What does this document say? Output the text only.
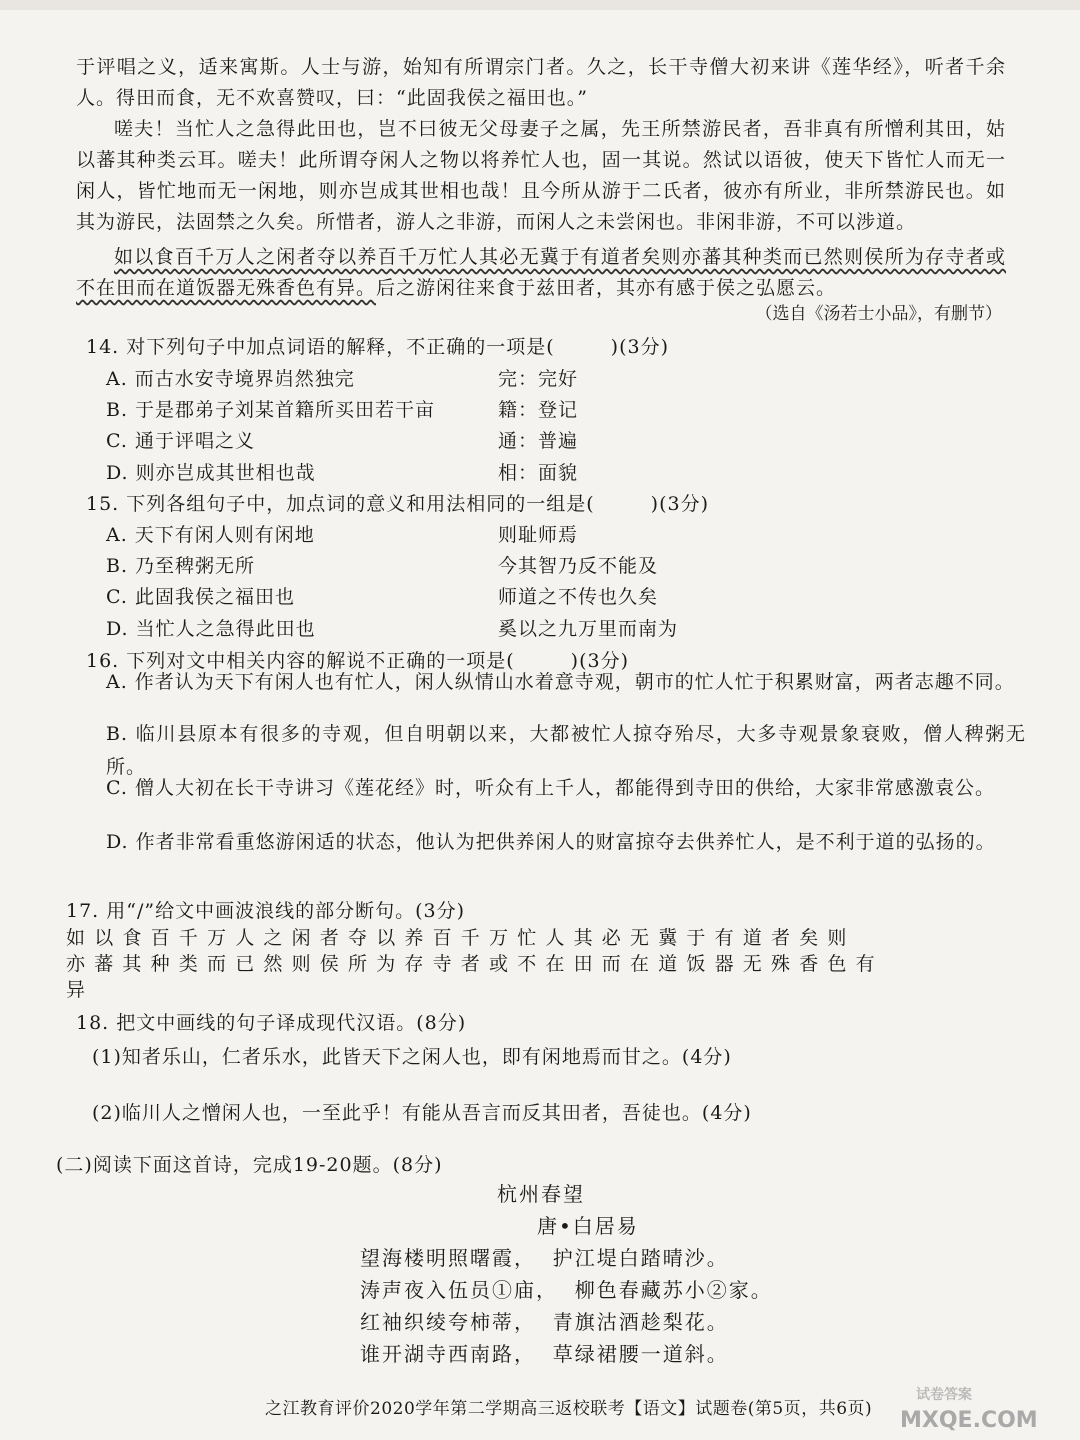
于评唱之义，适来寓斯。人士与游，始知有所谓宗门者。久之，长干寺僧大初来讲《莲华经》，听者千余人。得田而食，无不欢喜赞叹，曰：“此固我侯之福田也。”

嗟夫！当忙人之急得此田也，岂不曰彼无父母妻子之属，先王所禁游民者，吾非真有所憎利其田，姑以蕃其种类云耳。嗟夫！此所谓夺闲人之物以将养忙人也，固一其说。然试以语彼，使天下皆忙人而无一闲人，皆忙地而无一闲地，则亦岂成其世相也哉！且今所从游于二氏者，彼亦有所业，非所禁游民也。如其为游民，法固禁之久矣。所惜者，游人之非游，而闲人之未尝闲也。非闲非游，不可以涉道。

如以食百千万人之闲者夺以养百千万忙人其必无冀于有道者矣则亦蕃其种类而已然则侯所为存寺者或不在田而在道饭器无殊香色有异。后之游闲往来食于兹田者，其亦有感于侯之弘愿云。

（选自《汤若士小品》，有删节）
14. 对下列句子中加点词语的解释，不正确的一项是(	)(3分)
A. 而古水安寺境界岿然独完	完：完好
B. 于是郡弟子刘某首籍所买田若干亩	籍：登记
C. 通于评唱之义	通：普遍
D. 则亦岂成其世相也哉	相：面貌
15. 下列各组句子中，加点词的意义和用法相同的一组是(	)(3分)
A. 天下有闲人则有闲地	则耻师焉
B. 乃至稗粥无所	今其智乃反不能及
C. 此固我侯之福田也	师道之不传也久矣
D. 当忙人之急得此田也	奚以之九万里而南为
16. 下列对文中相关内容的解说不正确的一项是(	)(3分)
A. 作者认为天下有闲人也有忙人，闲人纵情山水着意寺观，朝市的忙人忙于积累财富，两者志趣不同。
B. 临川县原本有很多的寺观，但自明朝以来，大都被忙人掠夺殆尽，大多寺观景象衰败，僧人稗粥无所。
C. 僧人大初在长干寺讲习《莲花经》时，听众有上千人，都能得到寺田的供给，大家非常感激袁公。
D. 作者非常看重悠游闲适的状态，他认为把供养闲人的财富掠夺去供养忙人，是不利于道的弘扬的。
17. 用“/”给文中画波浪线的部分断句。(3分)
如以食百千万人之闲者夺以养百千万忙人其必无冀于有道者矣则
亦蕃其种类而已然则侯所为存寺者或不在田而在道饭器无殊香色有
异
18. 把文中画线的句子译成现代汉语。(8分)
(1)知者乐山，仁者乐水，此皆天下之闲人也，即有闲地焉而甘之。(4分)
(2)临川人之憎闲人也，一至此乎！有能从吾言而反其田者，吾徒也。(4分)
(二)阅读下面这首诗，完成19-20题。(8分)
杭州春望
唐•白居易
望海楼明照曙霞，  护江堤白踏晴沙。
涛声夜入伍员①庙，  柳色春藏苏小②家。
红袖织绫夸柿蒂，  青旗沽酒趁梨花。
谁开湖寺西南路，  草绿裙腰一道斜。
之江教育评价2020学年第二学期高三返校联考【语文】试题卷(第5页，共6页)
试卷答案
MXQE.COM
